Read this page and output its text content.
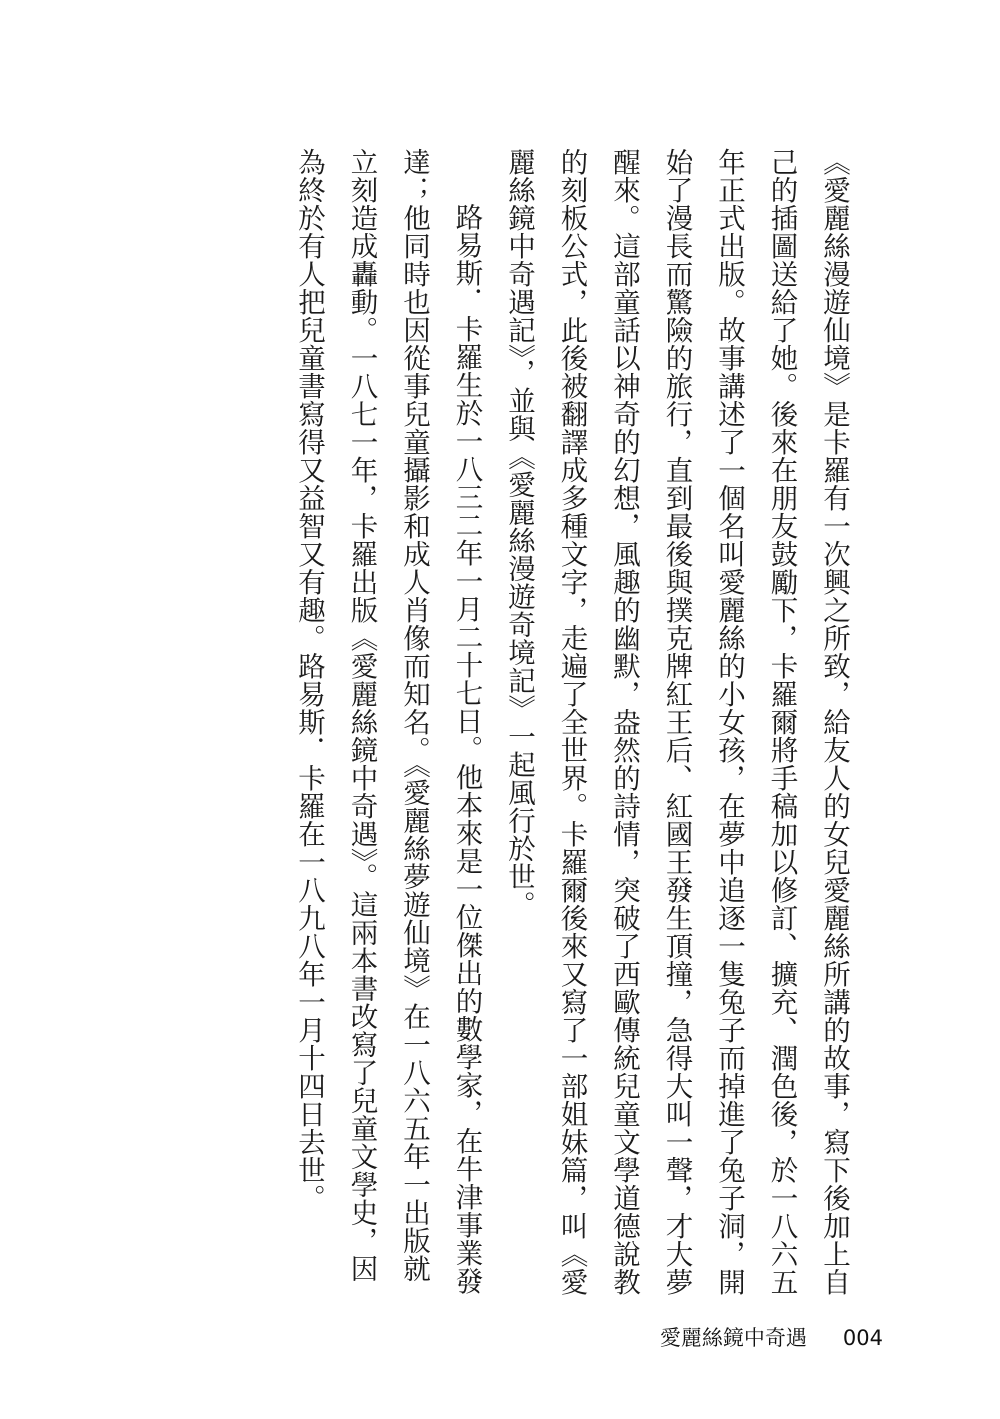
《愛麗絲漫遊仙境》是卡羅有一次興之所致，給友人的女兒愛麗絲所講的故事，寫下後加上自己的插圖送給了她。後來在朋友鼓勵下，卡羅爾將手稿加以修訂、擴充、潤色後，於一八六五年正式出版。故事講述了一個名叫愛麗絲的小女孩，在夢中追逐一隻兔子而掉進了兔子洞，開始了漫長而驚險的旅行，直到最後與撲克牌紅王后、紅國王發生頂撞，急得大叫一聲，才大夢醒來。這部童話以神奇的幻想，風趣的幽默，盎然的詩情，突破了西歐傳統兒童文學道德說教的刻板公式，此後被翻譯成多種文字，走遍了全世界。卡羅爾後來又寫了一部姐妹篇，叫《愛麗絲鏡中奇遇記》，並與《愛麗絲漫遊奇境記》一起風行於世。

路易斯．卡羅生於一八三二年一月二十七日。他本來是一位傑出的數學家，在牛津事業發達；他同時也因從事兒童攝影和成人肖像而知名。《愛麗絲夢遊仙境》在一八六五年一出版就立刻造成轟動。一八七一年，卡羅出版《愛麗絲鏡中奇遇》。這兩本書改寫了兒童文學史，因為終於有人把兒童書寫得又益智又有趣。路易斯．卡羅在一八九八年一月十四日去世。

愛麗絲鏡中奇遇 004
